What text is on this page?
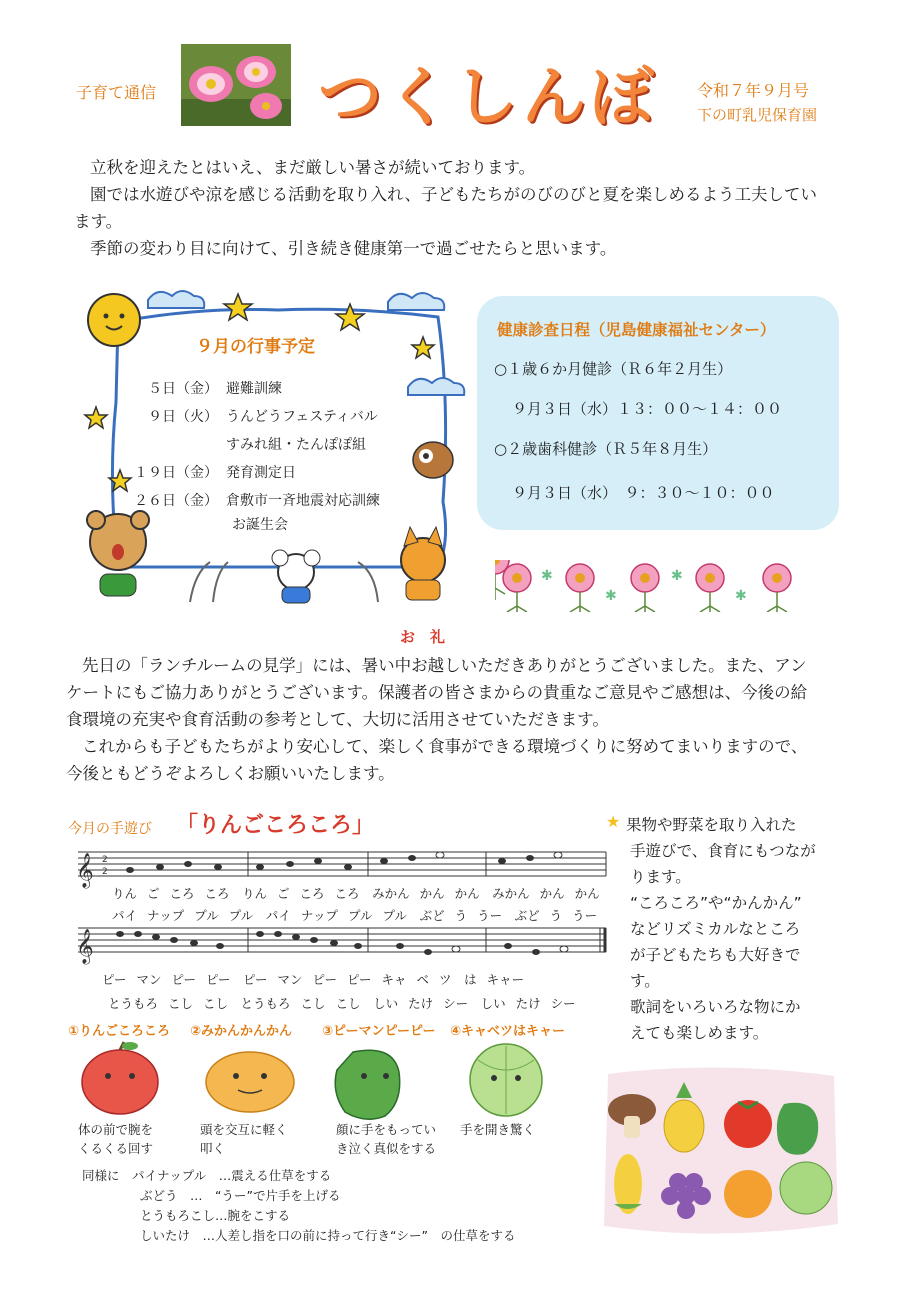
子育て通信	つくしんぼ 令和７年９月号
下の町乳児保育園
立秋を迎えたとはいえ、まだ厳しい暑さが続いております。
園では水遊びや涼を感じる活動を取り入れ、子どもたちがのびのびと夏を楽しめるよう工夫してい
ます。
季節の変わり目に向けて、引き続き健康第一で過ごせたらと思います。
９月の行事予定
５日（金） 避難訓練
９日（火） うんどうフェスティバル
すみれ組・たんぽぽ組
１９日（金） 発育測定日
２６日（金） 倉敷市一斉地震対応訓練
お誕生会
健康診査日程（児島健康福祉センター）
○１歳６か月健診（Ｒ６年２月生）
９月３日（水）１３：００～１４：００
○２歳歯科健診（Ｒ５年８月生）
９月３日（水）　９：３０～１０：００
✱
✱
✱
✱
お　礼
先日の「ランチルームの見学」には、暑い中お越しいただきありがとうございました。また、アン
ケートにもご協力ありがとうございます。保護者の皆さまからの貴重なご意見やご感想は、今後の給
食環境の充実や食育活動の参考として、大切に活用させていただきます。
これからも子どもたちがより安心して、楽しく食事ができる環境づくりに努めてまいりますので、
今後ともどうぞよろしくお願いいたします。
今月の手遊び 「りんごころころ」
𝄞
𝄞
2
2
りん ご ころ ころ　 りん ご ころ ころ　 みかん かん かん　 みかん かん かん
パイ ナップ プル プル　 パイ ナップ プル プル　 ぶど う うー　 ぶど う うー
ピー マン ピー ピー　 ピー マン ピー ピー キャ ベ ツ　 は キャー
とうもろ こし こし　 とうもろ こし こし　 しい たけ シー　 しい たけ シー
①りんごころころ ②みかんかんかん ③ピーマンピーピー ④キャベツはキャー
体の前で腕を
くるくる回す
頭を交互に軽く
叩く
顔に手をもってい
き泣く真似をする
手を開き驚く
同様に　パイナップル　…震える仕草をする
ぶどう　…　“うー”で片手を上げる
とうもろこし…腕をこする
しいたけ　…人差し指を口の前に持って行き“シー”　の仕草をする
★ 果物や野菜を取り入れた
手遊びで、食育にもつなが
ります。
“ころころ”や“かんかん”
などリズミカルなところ
が子どもたちも大好きで
す。
歌詞をいろいろな物にか
えても楽しめます。
